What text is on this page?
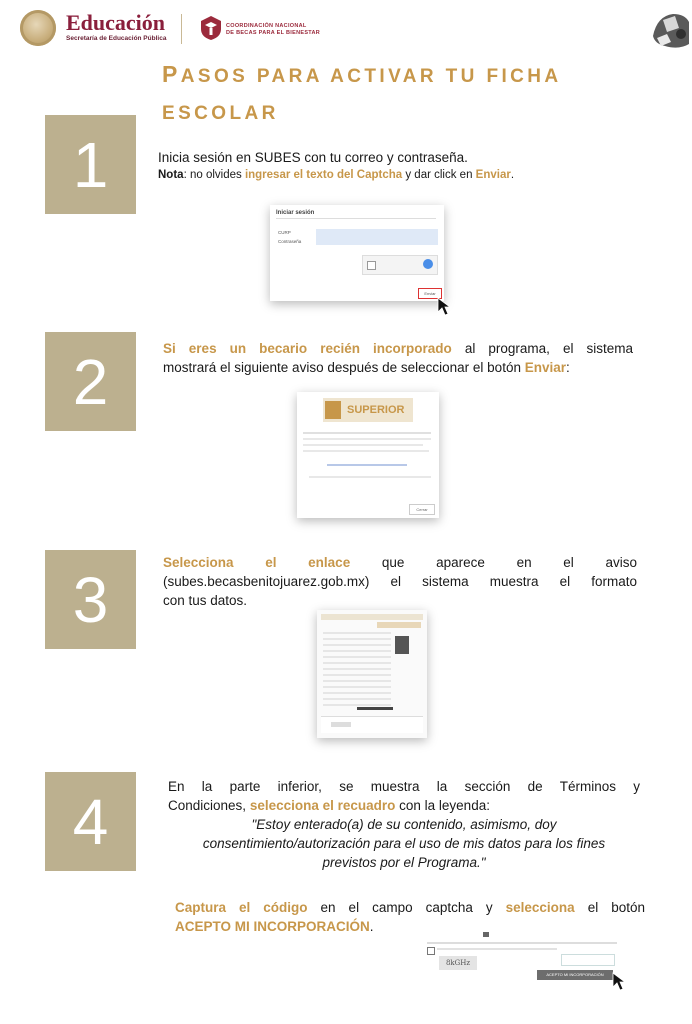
Educación
Secretaría de Educación Pública
COORDINACIÓN NACIONAL
DE BECAS PARA EL BIENESTAR
PASOS PARA ACTIVAR TU FICHA
ESCOLAR
1	Inicia sesión en SUBES con tu correo y contraseña.
Nota: no olvides ingresar el texto del Captcha y dar click en Enviar.
Iniciar sesión
CURP
Contraseña
Enviar
2	Si eres un becario recién incorporado al programa, el sistema
mostrará el siguiente aviso después de seleccionar el botón Enviar:
SUPERIOR
Cerrar
3
Selecciona el enlace que aparece en el aviso
(subes.becasbenitojuarez.gob.mx) el sistema muestra el formato
con tus datos.
4	En la parte inferior, se muestra la sección de Términos y
Condiciones, selecciona el recuadro con la leyenda:
"Estoy enterado(a) de su contenido, asimismo, doy
consentimiento/autorización para el uso de mis datos para los fines
previstos por el Programa."
Captura el código en el campo captcha y selecciona el botón
ACEPTO MI INCORPORACIÓN.
8kGHz
ACEPTO MI INCORPORACIÓN
